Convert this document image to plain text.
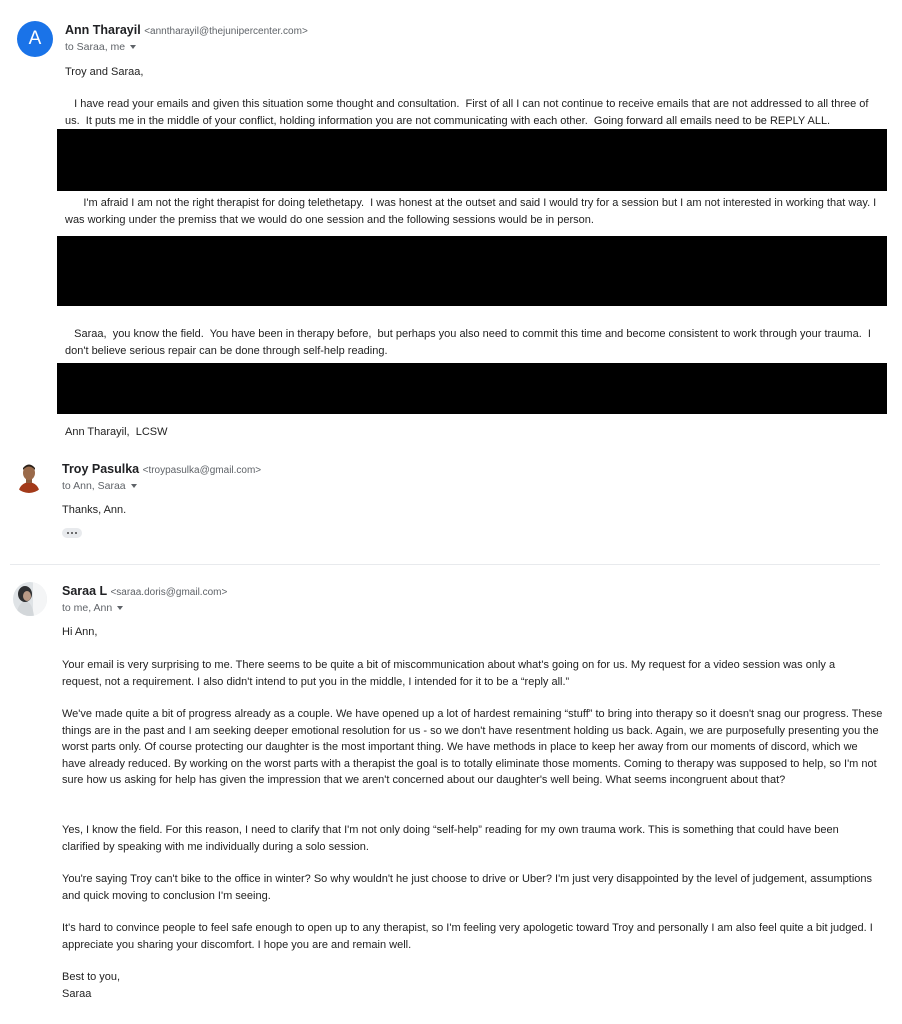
A Ann Tharayil <anntharayil@thejunipercenter.com>
to Saraa, me
Troy and Saraa,
I have read your emails and given this situation some thought and consultation.  First of all I can not continue to receive emails that are not addressed to all three of us.  It puts me in the middle of your conflict, holding information you are not communicating with each other.  Going forward all emails need to be REPLY ALL.
I'm afraid I am not the right therapist for doing telethetapy.  I was honest at the outset and said I would try for a session but I am not interested in working that way. I was working under the premiss that we would do one session and the following sessions would be in person.
Saraa,  you know the field.  You have been in therapy before,  but perhaps you also need to commit this time and become consistent to work through your trauma.  I don't believe serious repair can be done through self-help reading.
Ann Tharayil,  LCSW
Troy Pasulka <troypasulka@gmail.com>
to Ann, Saraa
Thanks, Ann.
Saraa L <saraa.doris@gmail.com>
to me, Ann
Hi Ann,
Your email is very surprising to me. There seems to be quite a bit of miscommunication about what's going on for us. My request for a video session was only a request, not a requirement. I also didn't intend to put you in the middle, I intended for it to be a “reply all.”
We've made quite a bit of progress already as a couple. We have opened up a lot of hardest remaining “stuff” to bring into therapy so it doesn't snag our progress. These things are in the past and I am seeking deeper emotional resolution for us - so we don't have resentment holding us back. Again, we are purposefully presenting you the worst parts only. Of course protecting our daughter is the most important thing. We have methods in place to keep her away from our moments of discord, which we have already reduced. By working on the worst parts with a therapist the goal is to totally eliminate those moments. Coming to therapy was supposed to help, so I'm not sure how us asking for help has given the impression that we aren't concerned about our daughter's well being. What seems incongruent about that?
Yes, I know the field. For this reason, I need to clarify that I'm not only doing “self-help” reading for my own trauma work. This is something that could have been clarified by speaking with me individually during a solo session.
You're saying Troy can't bike to the office in winter? So why wouldn't he just choose to drive or Uber? I'm just very disappointed by the level of judgement, assumptions and quick moving to conclusion I'm seeing.
It's hard to convince people to feel safe enough to open up to any therapist, so I'm feeling very apologetic toward Troy and personally I am also feel quite a bit judged. I appreciate you sharing your discomfort. I hope you are and remain well.
Best to you,
Saraa
